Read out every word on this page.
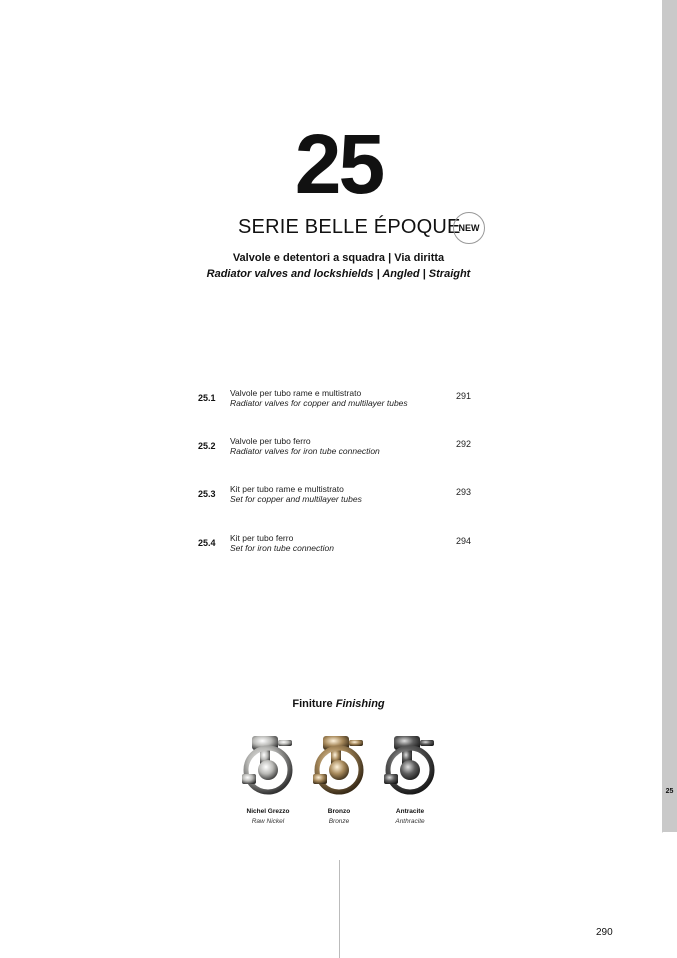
25
25
SERIE BELLE ÉPOQUE
NEW
Valvole e detentori a squadra | Via diritta
Radiator valves and lockshields | Angled | Straight
25.1 Valvole per tubo rame e multistrato
Radiator valves for copper and multilayer tubes
291
25.2 Valvole per tubo ferro
Radiator valves for iron tube connection
292
25.3 Kit per tubo rame e multistrato
Set for copper and multilayer tubes
293
25.4 Kit per tubo ferro
Set for iron tube connection
294
Finiture Finishing
Nichel Grezzo
Raw Nickel
Bronzo
Bronze
Antracite
Anthracite
290
